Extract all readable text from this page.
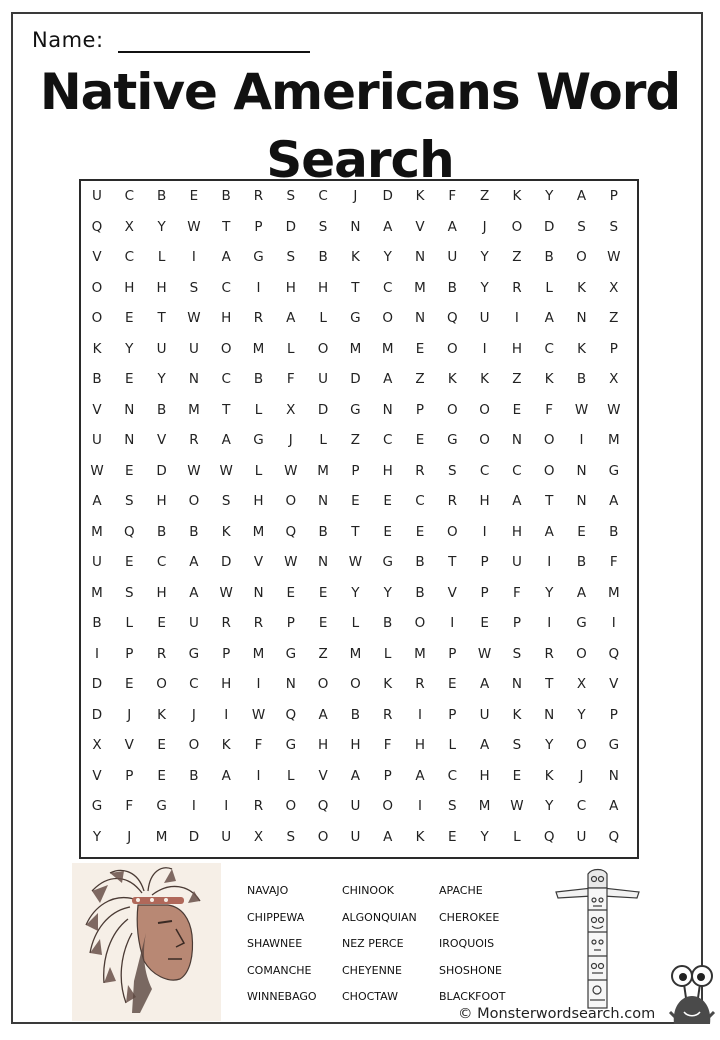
Name:
Native Americans Word
Search
U	C	B	E	B	R	S	C	J	D	K	F	Z	K	Y	A	P
Q	X	Y	W	T	P	D	S	N	A	V	A	J	O	D	S	S
V	C	L	I	A	G	S	B	K	Y	N	U	Y	Z	B	O	W
O	H	H	S	C	I	H	H	T	C	M	B	Y	R	L	K	X
O	E	T	W	H	R	A	L	G	O	N	Q	U	I	A	N	Z
K	Y	U	U	O	M	L	O	M	M	E	O	I	H	C	K	P
B	E	Y	N	C	B	F	U	D	A	Z	K	K	Z	K	B	X
V	N	B	M	T	L	X	D	G	N	P	O	O	E	F	W	W
U	N	V	R	A	G	J	L	Z	C	E	G	O	N	O	I	M
W	E	D	W	W	L	W	M	P	H	R	S	C	C	O	N	G
A	S	H	O	S	H	O	N	E	E	C	R	H	A	T	N	A
M	Q	B	B	K	M	Q	B	T	E	E	O	I	H	A	E	B
U	E	C	A	D	V	W	N	W	G	B	T	P	U	I	B	F
M	S	H	A	W	N	E	E	Y	Y	B	V	P	F	Y	A	M
B	L	E	U	R	R	P	E	L	B	O	I	E	P	I	G	I
I	P	R	G	P	M	G	Z	M	L	M	P	W	S	R	O	Q
D	E	O	C	H	I	N	O	O	K	R	E	A	N	T	X	V
D	J	K	J	I	W	Q	A	B	R	I	P	U	K	N	Y	P
X	V	E	O	K	F	G	H	H	F	H	L	A	S	Y	O	G
V	P	E	B	A	I	L	V	A	P	A	C	H	E	K	J	N
G	F	G	I	I	R	O	Q	U	O	I	S	M	W	Y	C	A
Y	J	M	D	U	X	S	O	U	A	K	E	Y	L	Q	U	Q
NAVAJO
CHIPPEWA
SHAWNEE
COMANCHE
WINNEBAGO
CHINOOK
ALGONQUIAN
NEZ PERCE
CHEYENNE
CHOCTAW
APACHE
CHEROKEE
IROQUOIS
SHOSHONE
BLACKFOOT
© Monsterwordsearch.com
